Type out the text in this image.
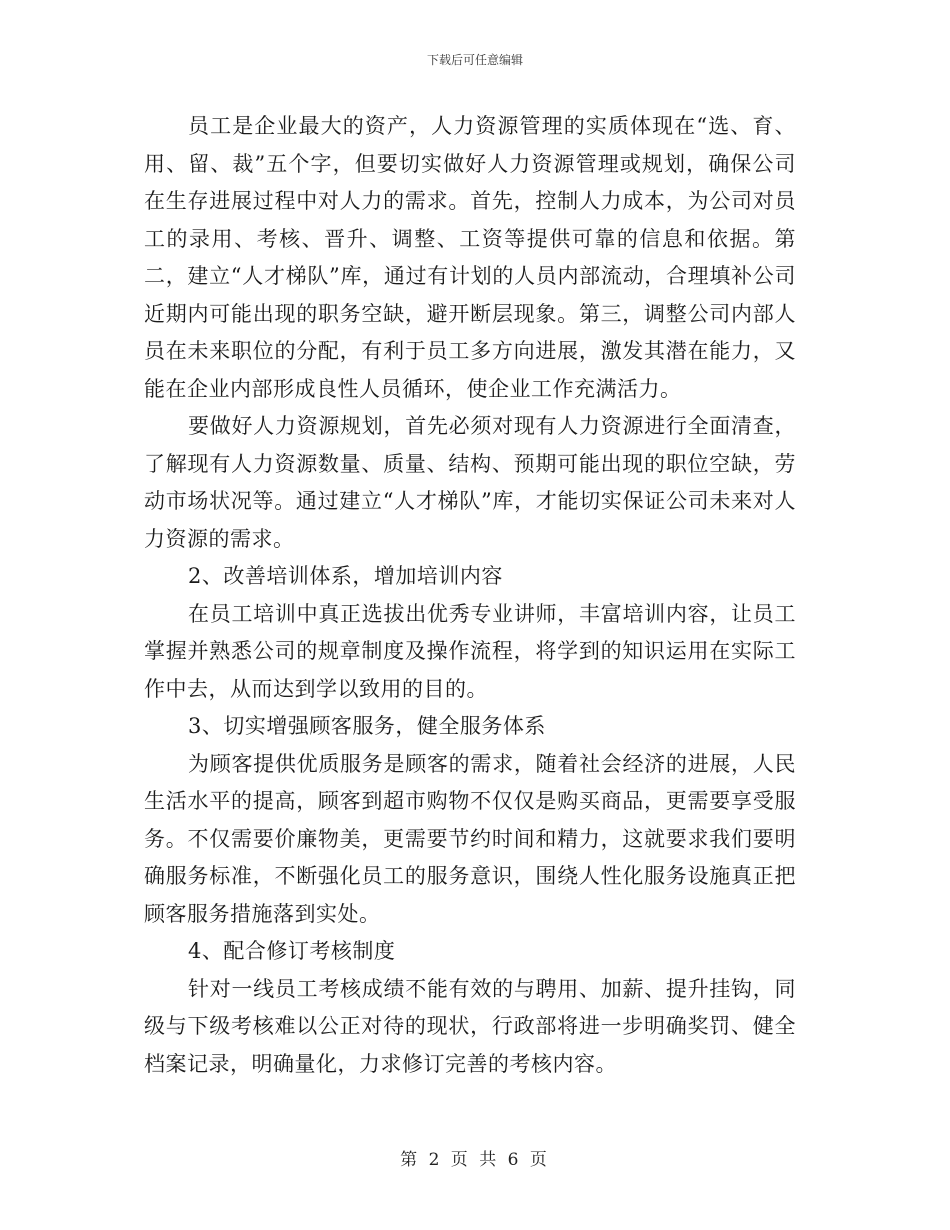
下载后可任意编辑

员工是企业最大的资产，人力资源管理的实质体现在“选、育、用、留、裁”五个字，但要切实做好人力资源管理或规划，确保公司在生存进展过程中对人力的需求。首先，控制人力成本，为公司对员工的录用、考核、晋升、调整、工资等提供可靠的信息和依据。第二，建立“人才梯队”库，通过有计划的人员内部流动，合理填补公司近期内可能出现的职务空缺，避开断层现象。第三，调整公司内部人员在未来职位的分配，有利于员工多方向进展，激发其潜在能力，又能在企业内部形成良性人员循环，使企业工作充满活力。

要做好人力资源规划，首先必须对现有人力资源进行全面清查，了解现有人力资源数量、质量、结构、预期可能出现的职位空缺，劳动市场状况等。通过建立“人才梯队”库，才能切实保证公司未来对人力资源的需求。

2、改善培训体系，增加培训内容

在员工培训中真正选拔出优秀专业讲师，丰富培训内容，让员工掌握并熟悉公司的规章制度及操作流程，将学到的知识运用在实际工作中去，从而达到学以致用的目的。

3、切实增强顾客服务，健全服务体系

为顾客提供优质服务是顾客的需求，随着社会经济的进展，人民生活水平的提高，顾客到超市购物不仅仅是购买商品，更需要享受服务。不仅需要价廉物美，更需要节约时间和精力，这就要求我们要明确服务标准，不断强化员工的服务意识，围绕人性化服务设施真正把顾客服务措施落到实处。

4、配合修订考核制度

针对一线员工考核成绩不能有效的与聘用、加薪、提升挂钩，同级与下级考核难以公正对待的现状，行政部将进一步明确奖罚、健全档案记录，明确量化，力求修订完善的考核内容。

第 2 页 共 6 页
